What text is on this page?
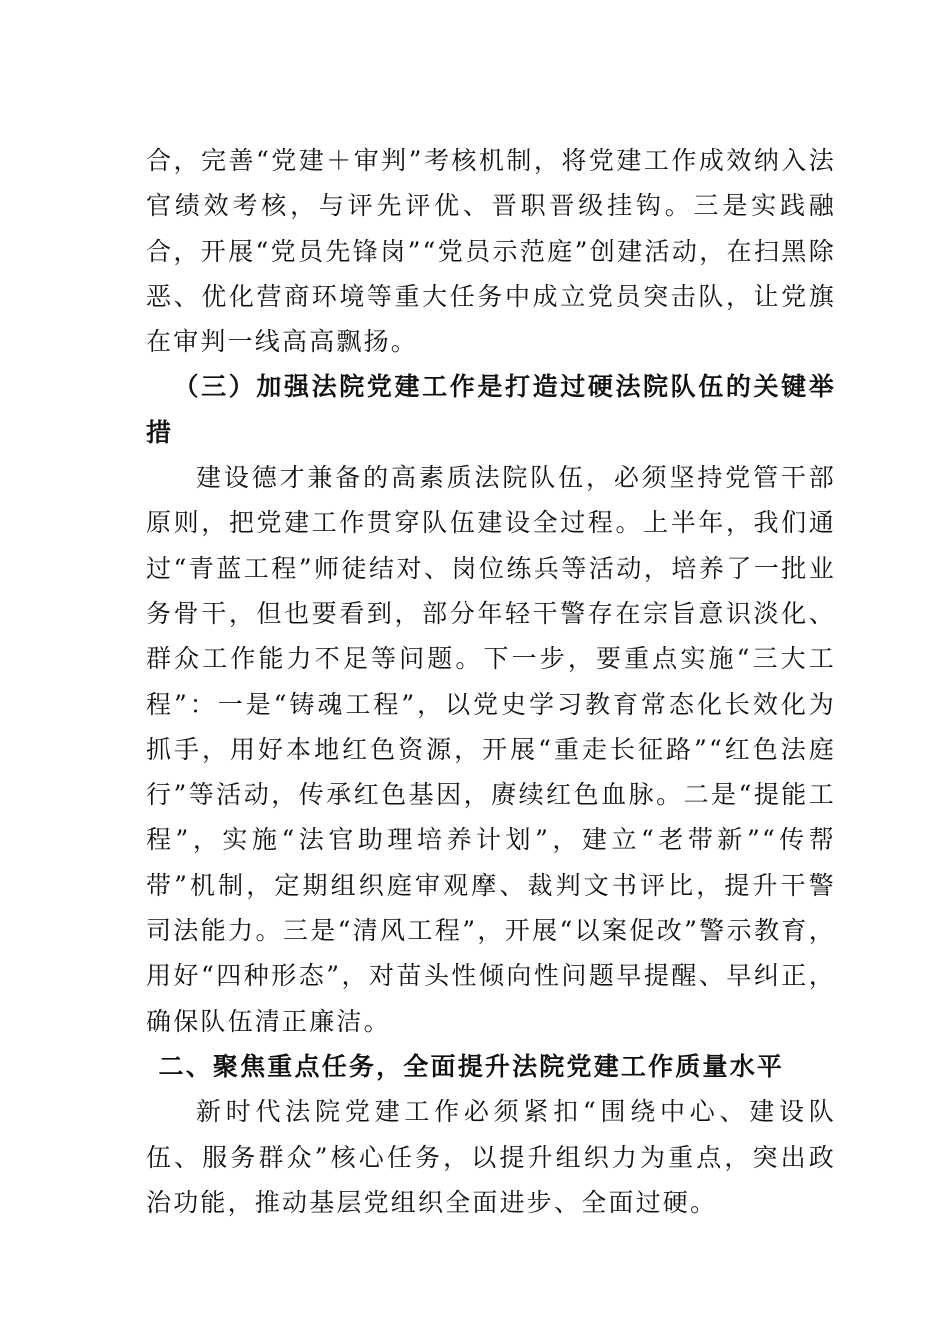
合，完善“党建＋审判”考核机制，将党建工作成效纳入法官绩效考核，与评先评优、晋职晋级挂钩。三是实践融合，开展“党员先锋岗”“党员示范庭”创建活动，在扫黑除恶、优化营商环境等重大任务中成立党员突击队，让党旗在审判一线高高飘扬。

（三）加强法院党建工作是打造过硬法院队伍的关键举措

建设德才兼备的高素质法院队伍，必须坚持党管干部原则，把党建工作贯穿队伍建设全过程。上半年，我们通过“青蓝工程”师徒结对、岗位练兵等活动，培养了一批业务骨干，但也要看到，部分年轻干警存在宗旨意识淡化、群众工作能力不足等问题。下一步，要重点实施“三大工程”：一是“铸魂工程”，以党史学习教育常态化长效化为抓手，用好本地红色资源，开展“重走长征路”“红色法庭行”等活动，传承红色基因，赓续红色血脉。二是“提能工程”，实施“法官助理培养计划”，建立“老带新”“传帮带”机制，定期组织庭审观摩、裁判文书评比，提升干警司法能力。三是“清风工程”，开展“以案促改”警示教育，用好“四种形态”，对苗头性倾向性问题早提醒、早纠正，确保队伍清正廉洁。

二、聚焦重点任务，全面提升法院党建工作质量水平

新时代法院党建工作必须紧扣“围绕中心、建设队伍、服务群众”核心任务，以提升组织力为重点，突出政治功能，推动基层党组织全面进步、全面过硬。
